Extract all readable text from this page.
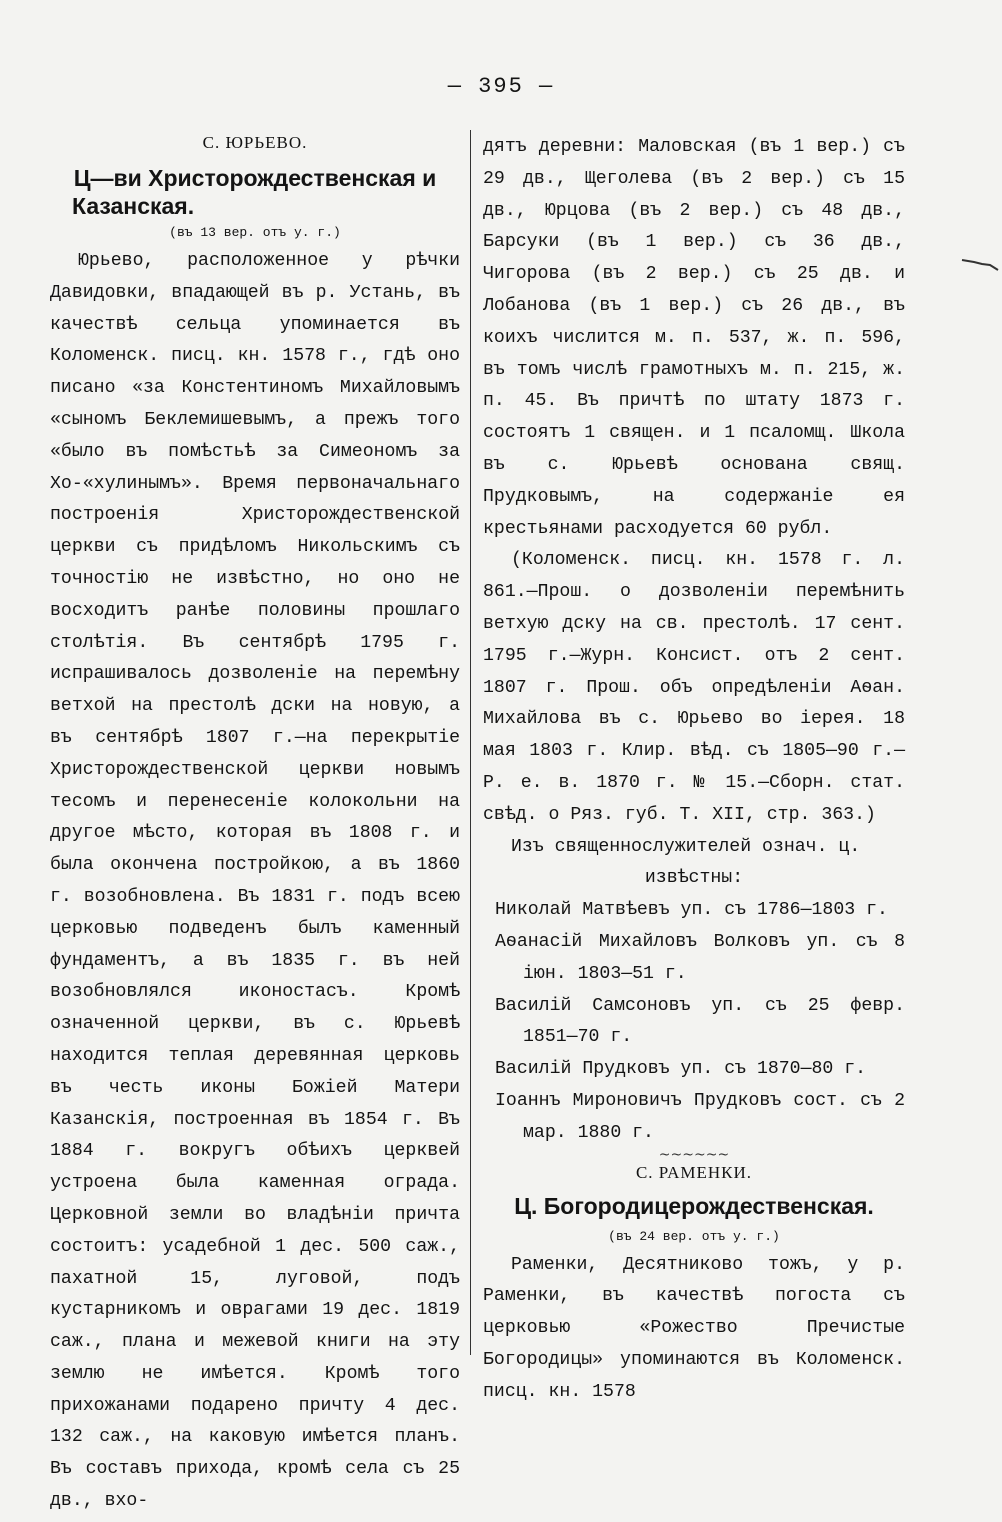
— 395 —
С. ЮРЬЕВО.
Ц—ви Христорождественская и
Казанская.
(въ 13 вер. отъ у. г.)

Юрьево, расположенное у рѣчки Давидовки, впадающей въ р. Устань, въ качествѣ сельца упоминается въ Коломенск. писц. кн. 1578 г., гдѣ оно писано «за Констентиномъ Михайловымъ «сыномъ Беклемишевымъ, а прежъ того «было въ помѣстьѣ за Симеономъ за Хо-«хулинымъ». Время первоначальнаго построенія Христорождественской церкви съ придѣломъ Никольскимъ съ точностію не извѣстно, но оно не восходитъ ранѣе половины прошлаго столѣтія. Въ сентябрѣ 1795 г. испрашивалось дозволеніе на перемѣну ветхой на престолѣ дски на новую, а въ сентябрѣ 1807 г.—на перекрытіе Христорождественской церкви новымъ тесомъ и перенесеніе колокольни на другое мѣсто, которая въ 1808 г. и была окончена постройкою, а въ 1860 г. возобновлена. Въ 1831 г. подъ всею церковью подведенъ былъ каменный фундаментъ, а въ 1835 г. въ ней возобновлялся иконостасъ. Кромѣ означенной церкви, въ с. Юрьевѣ находится теплая деревянная церковь въ честь иконы Божіей Матери Казанскія, построенная въ 1854 г. Въ 1884 г. вокругъ обѣихъ церквей устроена была каменная ограда. Церковной земли во владѣніи причта состоитъ: усадебной 1 дес. 500 саж., пахатной 15, луговой, подъ кустарникомъ и оврагами 19 дес. 1819 саж., плана и межевой книги на эту землю не имѣется. Кромѣ того прихожанами подарено причту 4 дес. 132 саж., на каковую имѣется планъ. Въ составъ прихода, кромѣ села съ 25 дв., вхо-

дятъ деревни: Маловская (въ 1 вер.) съ 29 дв., Щеголева (въ 2 вер.) съ 15 дв., Юрцова (въ 2 вер.) съ 48 дв., Барсуки (въ 1 вер.) съ 36 дв., Чигорова (въ 2 вер.) съ 25 дв. и Лобанова (въ 1 вер.) съ 26 дв., въ коихъ числится м. п. 537, ж. п. 596, въ томъ числѣ грамотныхъ м. п. 215, ж. п. 45. Въ причтѣ по штату 1873 г. состоятъ 1 священ. и 1 псаломщ. Школа въ с. Юрьевѣ основана свящ. Прудковымъ, на содержаніе ея крестьянами расходуется 60 рубл.

(Коломенск. писц. кн. 1578 г. л. 861.—Прош. о дозволеніи перемѣнить ветхую дску на св. престолѣ. 17 сент. 1795 г.—Журн. Консист. отъ 2 сент. 1807 г. Прош. объ опредѣленіи Аѳан. Михайлова въ с. Юрьево во іерея. 18 мая 1803 г. Клир. вѣд. съ 1805—90 г.—Р. е. в. 1870 г. № 15.—Сборн. стат. свѣд. о Ряз. губ. Т. XII, стр. 363.)

Изъ священнослужителей означ. ц.

извѣстны:

Николай Матвѣевъ уп. съ 1786—1803 г.

Аѳанасій Михайловъ Волковъ уп. съ 8 іюн. 1803—51 г.

Василій Самсоновъ уп. съ 25 февр. 1851—70 г.

Василій Прудковъ уп. съ 1870—80 г.

Іоаннъ Мироновичъ Прудковъ сост. съ 2 мар. 1880 г.

~~~~~~
С. РАМЕНКИ.
Ц. Богородицерождественская.
(въ 24 вер. отъ у. г.)

Раменки, Десятниково тожъ, у р. Раменки, въ качествѣ погоста съ церковью «Рожество Пречистые Богородицы» упоминаются въ Коломенск. писц. кн. 1578
